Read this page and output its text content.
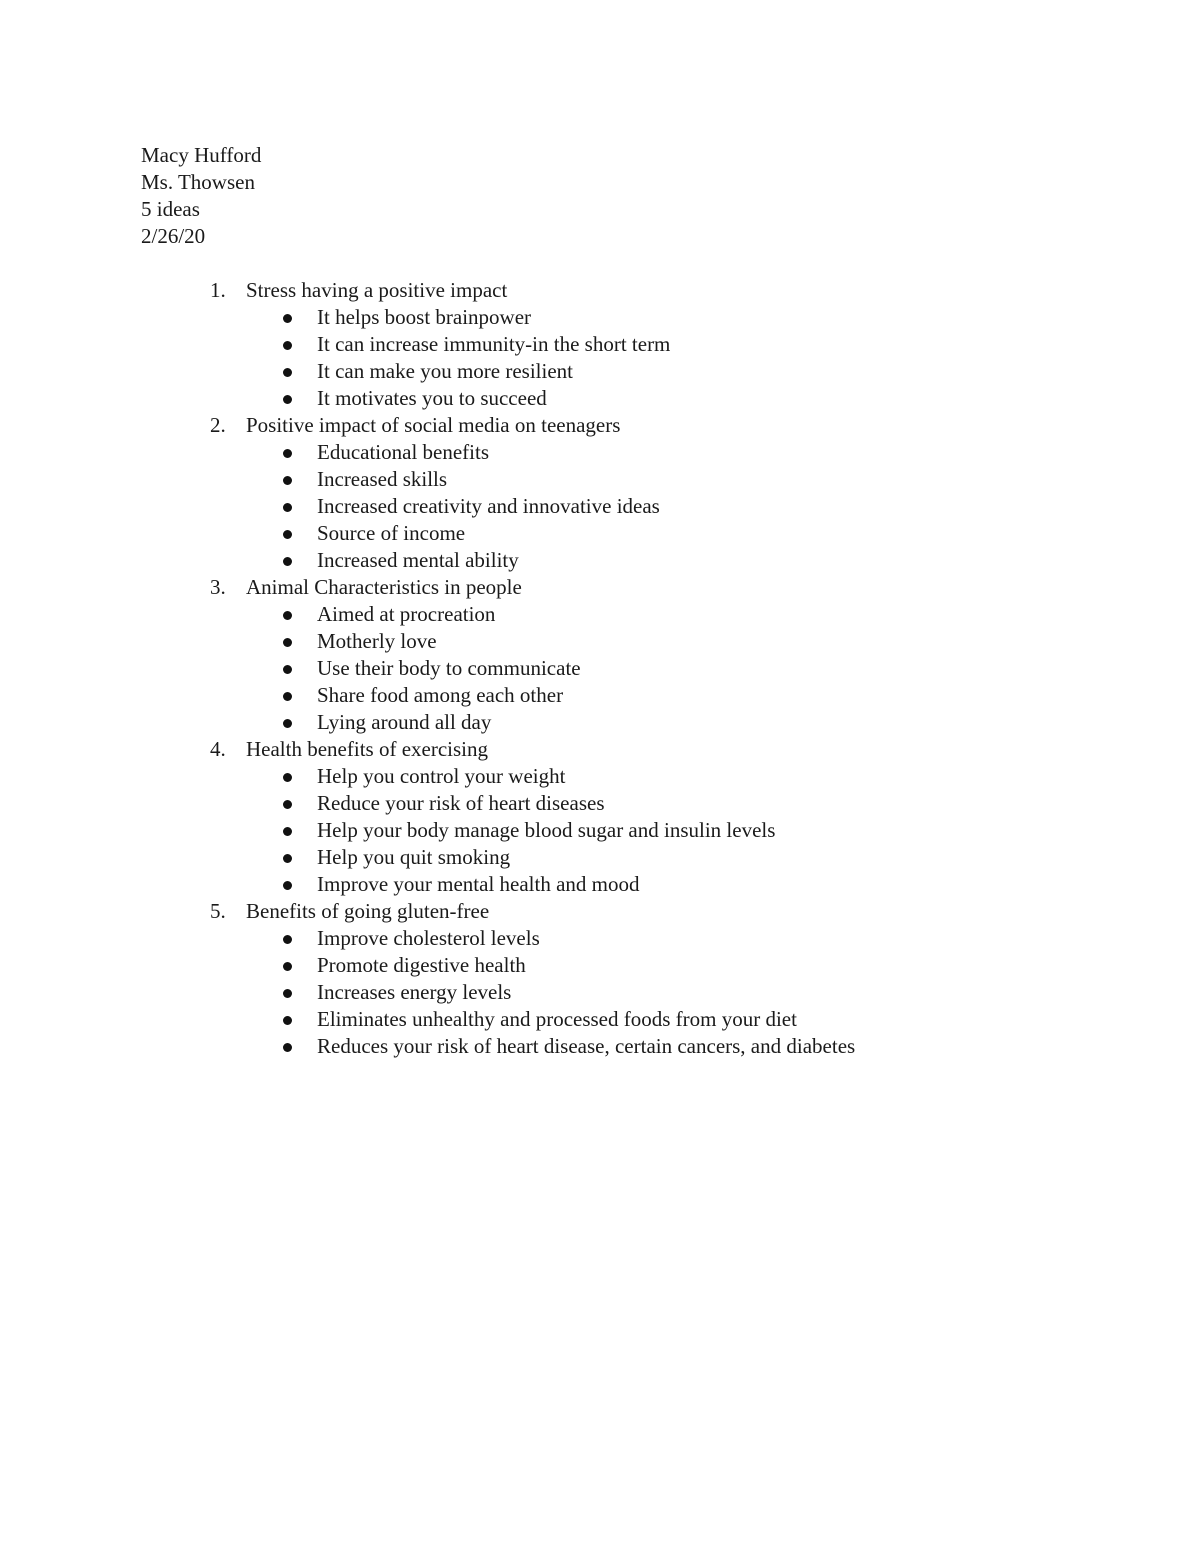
Macy Hufford
Ms. Thowsen
5 ideas
2/26/20
1. Stress having a positive impact
It helps boost brainpower
It can increase immunity-in the short term
It can make you more resilient
It motivates you to succeed
2. Positive impact of social media on teenagers
Educational benefits
Increased skills
Increased creativity and innovative ideas
Source of income
Increased mental ability
3. Animal Characteristics in people
Aimed at procreation
Motherly love
Use their body to communicate
Share food among each other
Lying around all day
4. Health benefits of exercising
Help you control your weight
Reduce your risk of heart diseases
Help your body manage blood sugar and insulin levels
Help you quit smoking
Improve your mental health and mood
5. Benefits of going gluten-free
Improve cholesterol levels
Promote digestive health
Increases energy levels
Eliminates unhealthy and processed foods from your diet
Reduces your risk of heart disease, certain cancers, and diabetes
